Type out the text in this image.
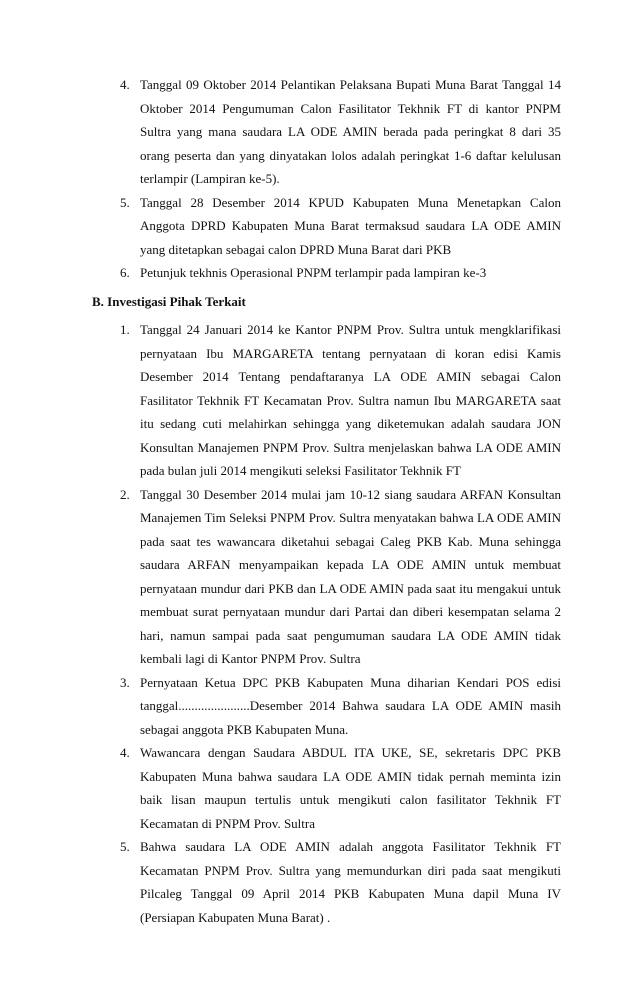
4. Tanggal 09 Oktober 2014 Pelantikan Pelaksana Bupati Muna Barat Tanggal 14 Oktober 2014 Pengumuman Calon Fasilitator Tekhnik FT di kantor PNPM Sultra yang mana saudara LA ODE AMIN berada pada peringkat 8 dari 35 orang peserta dan yang dinyatakan lolos adalah peringkat 1-6 daftar kelulusan terlampir (Lampiran ke-5).
5. Tanggal 28 Desember 2014 KPUD Kabupaten Muna Menetapkan Calon Anggota DPRD Kabupaten Muna Barat termaksud saudara LA ODE AMIN yang ditetapkan sebagai calon DPRD Muna Barat dari PKB
6. Petunjuk tekhnis Operasional PNPM terlampir pada lampiran ke-3
B. Investigasi Pihak Terkait
1. Tanggal 24 Januari 2014 ke Kantor PNPM Prov. Sultra untuk mengklarifikasi pernyataan Ibu MARGARETA tentang pernyataan di koran edisi Kamis Desember 2014 Tentang pendaftaranya LA ODE AMIN sebagai Calon Fasilitator Tekhnik FT Kecamatan Prov. Sultra namun Ibu MARGARETA saat itu sedang cuti melahirkan sehingga yang diketemukan adalah saudara JON Konsultan Manajemen PNPM Prov. Sultra menjelaskan bahwa LA ODE AMIN pada bulan juli 2014 mengikuti seleksi Fasilitator Tekhnik FT
2. Tanggal 30 Desember 2014 mulai jam 10-12 siang saudara ARFAN Konsultan Manajemen Tim Seleksi PNPM Prov. Sultra menyatakan bahwa LA ODE AMIN pada saat tes wawancara diketahui sebagai Caleg PKB Kab. Muna sehingga saudara ARFAN menyampaikan kepada LA ODE AMIN untuk membuat pernyataan mundur dari PKB dan LA ODE AMIN pada saat itu mengakui untuk membuat surat pernyataan mundur dari Partai dan diberi kesempatan selama 2 hari, namun sampai pada saat pengumuman saudara LA ODE AMIN tidak kembali lagi di Kantor PNPM Prov. Sultra
3. Pernyataan Ketua DPC PKB Kabupaten Muna diharian Kendari POS edisi tanggal......................Desember 2014 Bahwa saudara LA ODE AMIN masih sebagai anggota PKB Kabupaten Muna.
4. Wawancara dengan Saudara ABDUL ITA UKE, SE, sekretaris DPC PKB Kabupaten Muna bahwa saudara LA ODE AMIN tidak pernah meminta izin baik lisan maupun tertulis untuk mengikuti calon fasilitator Tekhnik FT Kecamatan di PNPM Prov. Sultra
5. Bahwa saudara LA ODE AMIN adalah anggota Fasilitator Tekhnik FT Kecamatan PNPM Prov. Sultra yang memundurkan diri pada saat mengikuti Pilcaleg Tanggal 09 April 2014 PKB Kabupaten Muna dapil Muna IV (Persiapan Kabupaten Muna Barat) .
